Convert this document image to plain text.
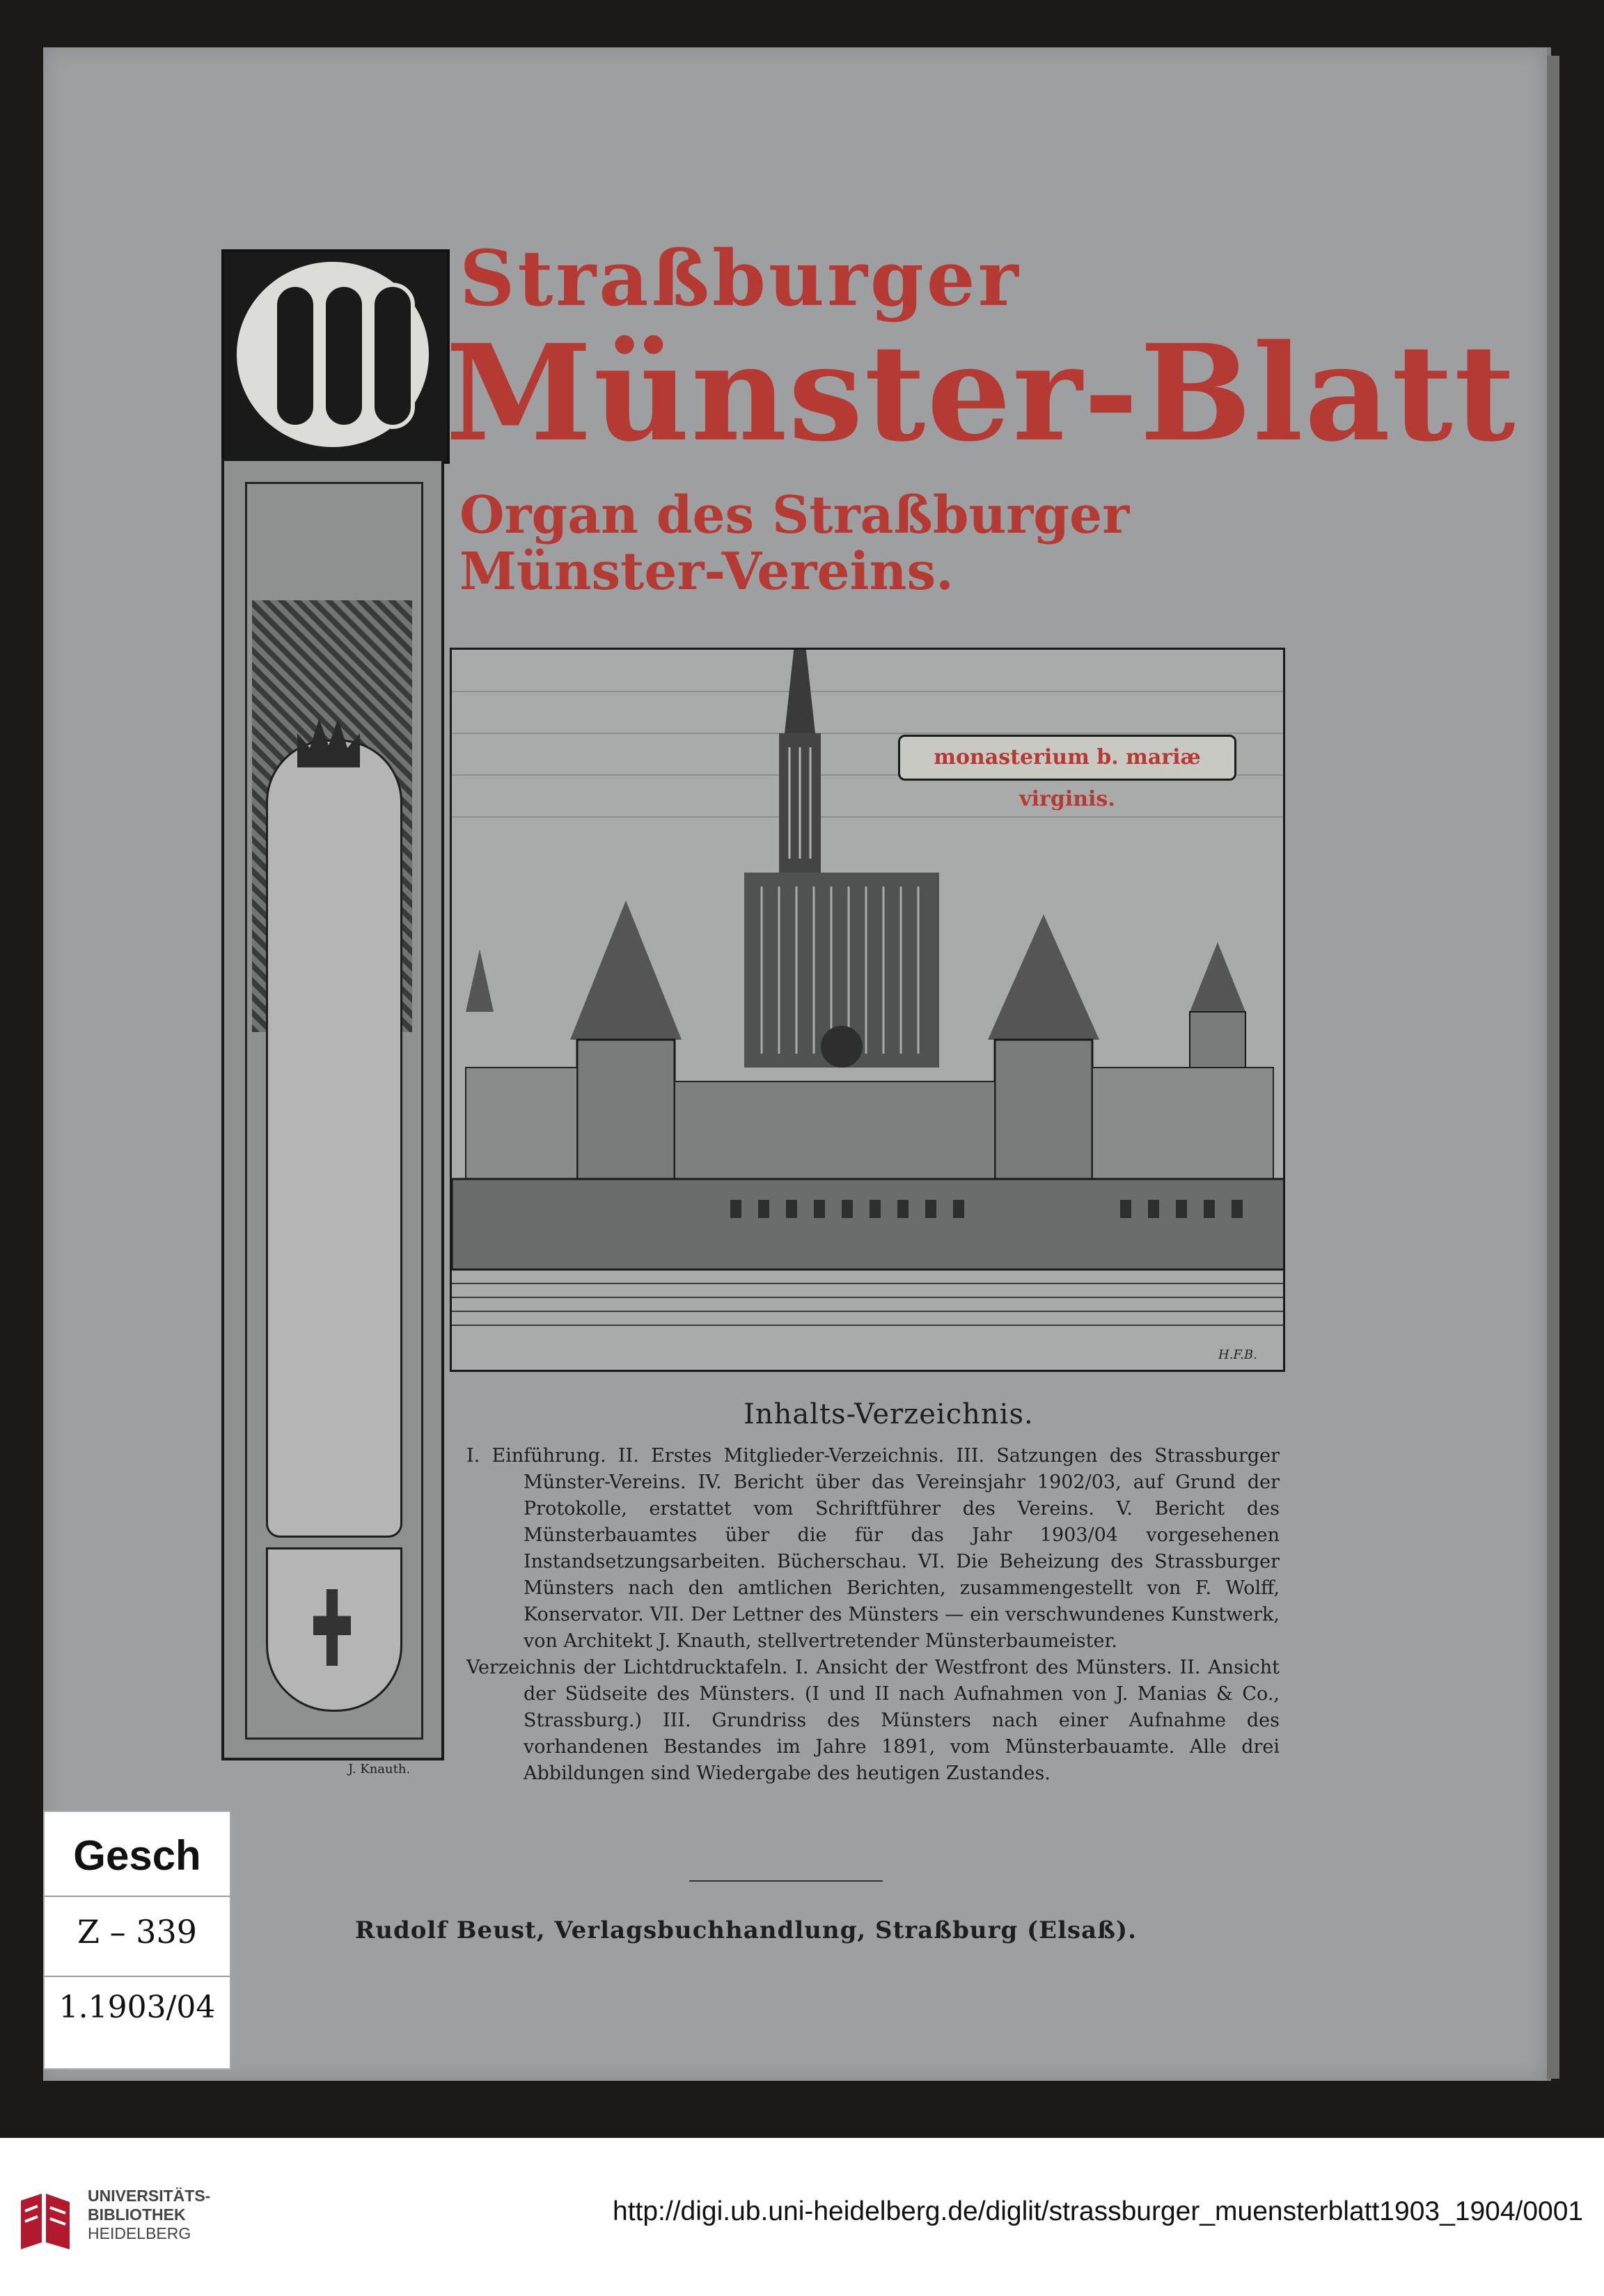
J. Knauth.
Straßburger
Münster-Blatt
Organ des Straßburger Münster-Vereins.
monasterium b. mariæ virginis.
H.F.B.
Inhalts-Verzeichnis.

I. Einführung. II. Erstes Mitglieder-Verzeichnis. III. Satzungen des Strassburger Münster-Vereins. IV. Bericht über das Vereinsjahr 1902/03, auf Grund der Protokolle, erstattet vom Schriftführer des Vereins. V. Bericht des Münsterbauamtes über die für das Jahr 1903/04 vorgesehenen Instandsetzungsarbeiten. Bücherschau. VI. Die Beheizung des Strassburger Münsters nach den amtlichen Berichten, zusammengestellt von F. Wolff, Konservator. VII. Der Lettner des Münsters — ein verschwundenes Kunstwerk, von Architekt J. Knauth, stellvertretender Münsterbaumeister.

Verzeichnis der Lichtdrucktafeln. I. Ansicht der Westfront des Münsters. II. Ansicht der Südseite des Münsters. (I und II nach Aufnahmen von J. Manias & Co., Strassburg.) III. Grundriss des Münsters nach einer Aufnahme des vorhandenen Bestandes im Jahre 1891, vom Münsterbauamte. Alle drei Abbildungen sind Wiedergabe des heutigen Zustandes.

Rudolf Beust, Verlagsbuchhandlung, Straßburg (Elsaß).
Gesch
Z – 339
1.1903/04
UNIVERSITÄTS-
BIBLIOTHEK
HEIDELBERG
http://digi.ub.uni-heidelberg.de/diglit/strassburger_muensterblatt1903_1904/0001
